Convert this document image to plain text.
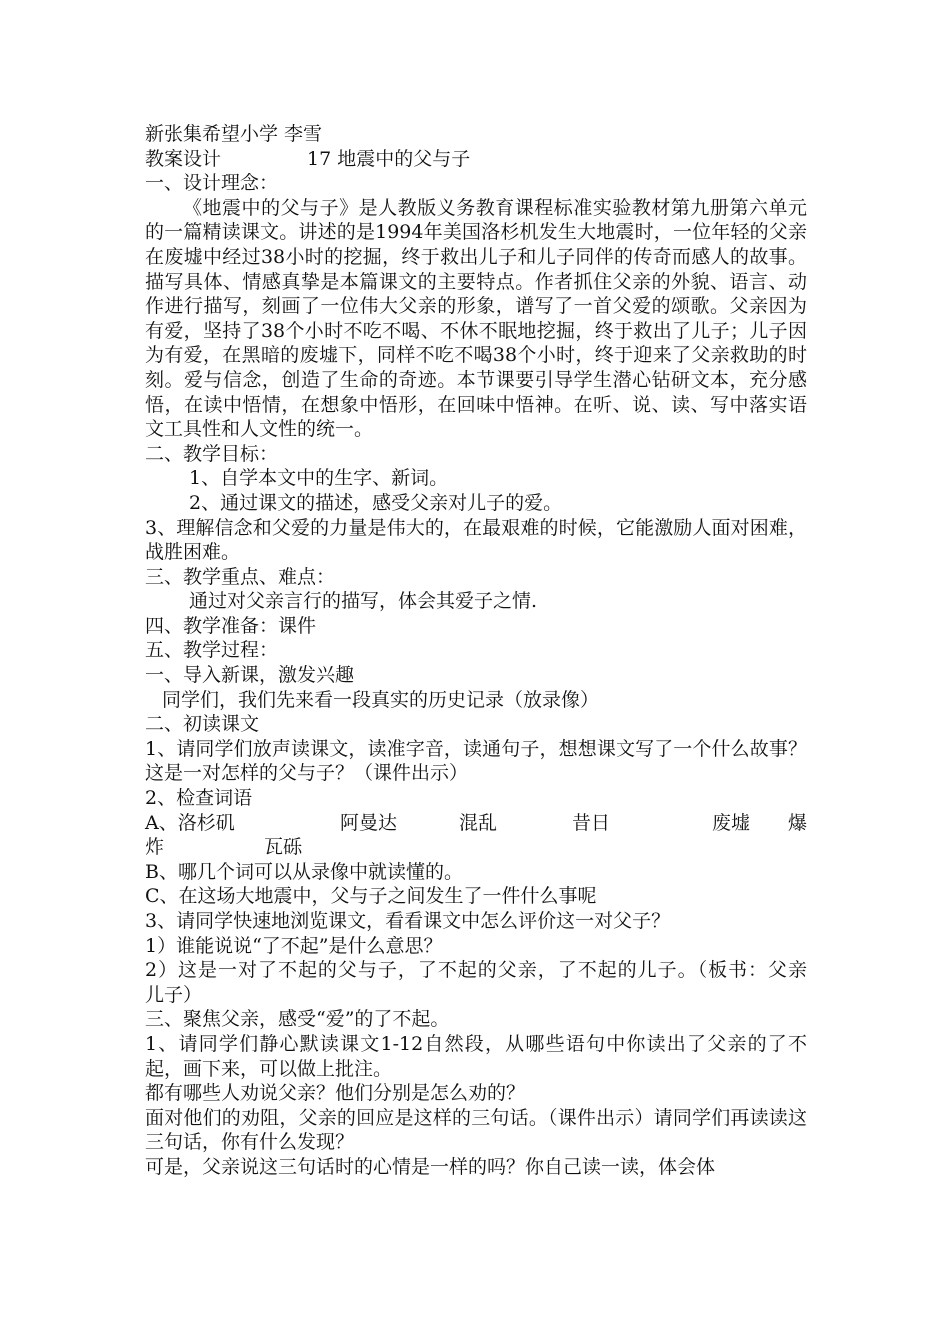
新张集希望小学 李雪
教案设计	17 地震中的父与子
一、设计理念：
《地震中的父与子》是人教版义务教育课程标准实验教材第九册第六单元的一篇精读课文。讲述的是1994年美国洛杉机发生大地震时，一位年轻的父亲在废墟中经过38小时的挖掘，终于救出儿子和儿子同伴的传奇而感人的故事。描写具体、情感真挚是本篇课文的主要特点。作者抓住父亲的外貌、语言、动作进行描写，刻画了一位伟大父亲的形象，谱写了一首父爱的颂歌。父亲因为有爱，坚持了38个小时不吃不喝、不休不眠地挖掘，终于救出了儿子；儿子因为有爱，在黑暗的废墟下，同样不吃不喝38个小时，终于迎来了父亲救助的时刻。爱与信念，创造了生命的奇迹。本节课要引导学生潜心钻研文本，充分感悟，在读中悟情，在想象中悟形，在回味中悟神。在听、说、读、写中落实语文工具性和人文性的统一。
二、教学目标：
1、自学本文中的生字、新词。
2、通过课文的描述，感受父亲对儿子的爱。
3、理解信念和父爱的力量是伟大的，在最艰难的时候，它能激励人面对困难，战胜困难。
三、教学重点、难点：
通过对父亲言行的描写，体会其爱子之情.
四、教学准备：课件
五、教学过程：
一、导入新课，激发兴趣
同学们，我们先来看一段真实的历史记录（放录像）
二、初读课文
1、请同学们放声读课文，读准字音，读通句子，想想课文写了一个什么故事？这是一对怎样的父与子？（课件出示）
2、检查词语
A、洛杉矶	阿曼达	混乱	昔日	废墟 爆
炸	瓦砾
B、哪几个词可以从录像中就读懂的。
C、在这场大地震中，父与子之间发生了一件什么事呢
3、请同学快速地浏览课文，看看课文中怎么评价这一对父子？
1）谁能说说“了不起”是什么意思？
2）这是一对了不起的父与子，了不起的父亲，了不起的儿子。（板书：父亲　　儿子）
三、聚焦父亲，感受“爱”的了不起。
1、请同学们静心默读课文1-12自然段，从哪些语句中你读出了父亲的了不起，画下来，可以做上批注。
都有哪些人劝说父亲？他们分别是怎么劝的？
面对他们的劝阻，父亲的回应是这样的三句话。（课件出示）请同学们再读读这三句话，你有什么发现？
可是，父亲说这三句话时的心情是一样的吗？你自己读一读，体会体
